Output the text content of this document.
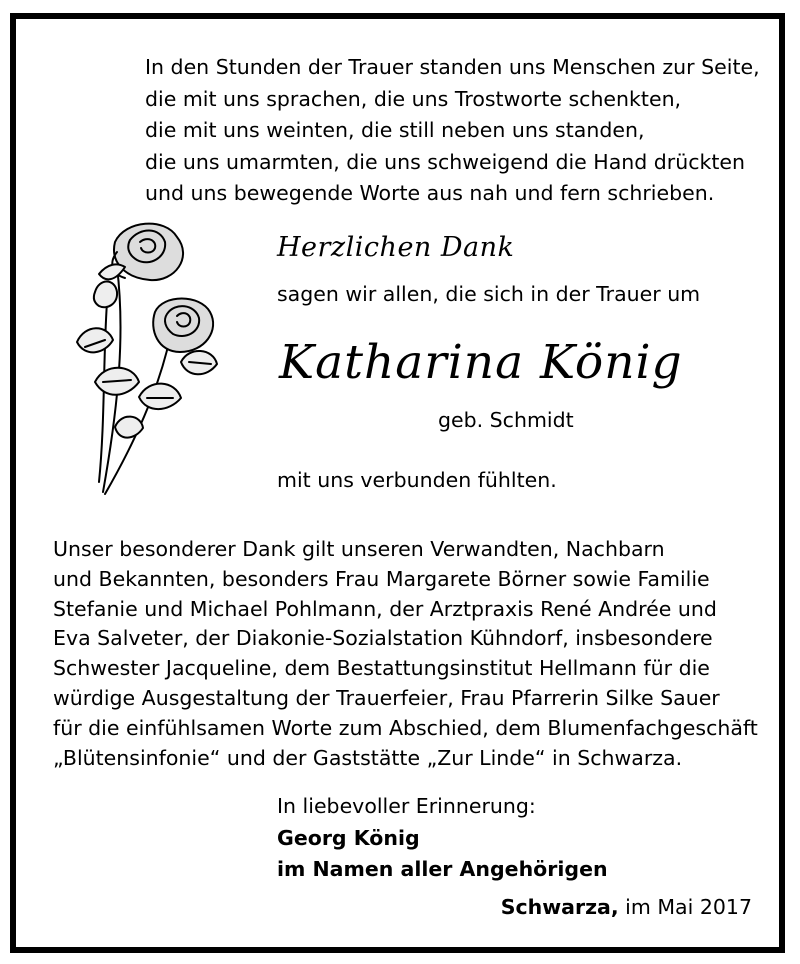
In den Stunden der Trauer standen uns Menschen zur Seite,
die mit uns sprachen, die uns Trostworte schenkten,
die mit uns weinten, die still neben uns standen,
die uns umarmten, die uns schweigend die Hand drückten
und uns bewegende Worte aus nah und fern schrieben.
Herzlichen Dank
sagen wir allen, die sich in der Trauer um
Katharina König
geb. Schmidt
mit uns verbunden fühlten.
Unser besonderer Dank gilt unseren Verwandten, Nachbarn
und Bekannten, besonders Frau Margarete Börner sowie Familie
Stefanie und Michael Pohlmann, der Arztpraxis René Andrée und
Eva Salveter, der Diakonie-Sozialstation Kühndorf, insbesondere
Schwester Jacqueline, dem Bestattungsinstitut Hellmann für die
würdige Ausgestaltung der Trauerfeier, Frau Pfarrerin Silke Sauer
für die einfühlsamen Worte zum Abschied, dem Blumenfachgeschäft
„Blütensinfonie“ und der Gaststätte „Zur Linde“ in Schwarza.
In liebevoller Erinnerung:
Georg König
im Namen aller Angehörigen
Schwarza, im Mai 2017
